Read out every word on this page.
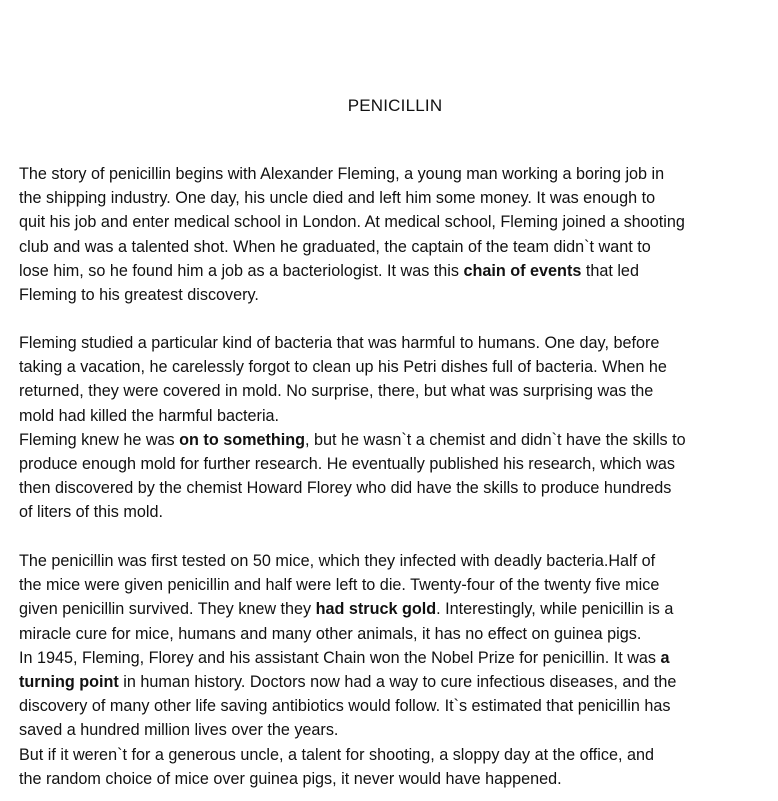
PENICILLIN

The story of penicillin begins with Alexander Fleming, a young man working a boring job in
the shipping industry. One day, his uncle died and left him some money. It was enough to
quit his job and enter medical school in London. At medical school, Fleming joined a shooting
club and was a talented shot. When he graduated, the captain of the team didn`t want to
lose him, so he found him a job as a bacteriologist. It was this chain of events that led
Fleming to his greatest discovery.

Fleming studied a particular kind of bacteria that was harmful to humans. One day, before
taking a vacation, he carelessly forgot to clean up his Petri dishes full of bacteria. When he
returned, they were covered in mold. No surprise, there, but what was surprising was the
mold had killed the harmful bacteria.
Fleming knew he was on to something, but he wasn`t a chemist and didn`t have the skills to
produce enough mold for further research. He eventually published his research, which was
then discovered by the chemist Howard Florey who did have the skills to produce hundreds
of liters of this mold.

The penicillin was first tested on 50 mice, which they infected with deadly bacteria.Half of
the mice were given penicillin and half were left to die. Twenty-four of the twenty five mice
given penicillin survived. They knew they had struck gold. Interestingly, while penicillin is a
miracle cure for mice, humans and many other animals, it has no effect on guinea pigs.
In 1945, Fleming, Florey and his assistant Chain won the Nobel Prize for penicillin. It was a
turning point in human history. Doctors now had a way to cure infectious diseases, and the
discovery of many other life saving antibiotics would follow. It`s estimated that penicillin has
saved a hundred million lives over the years.
But if it weren`t for a generous uncle, a talent for shooting, a sloppy day at the office, and
the random choice of mice over guinea pigs, it never would have happened.
